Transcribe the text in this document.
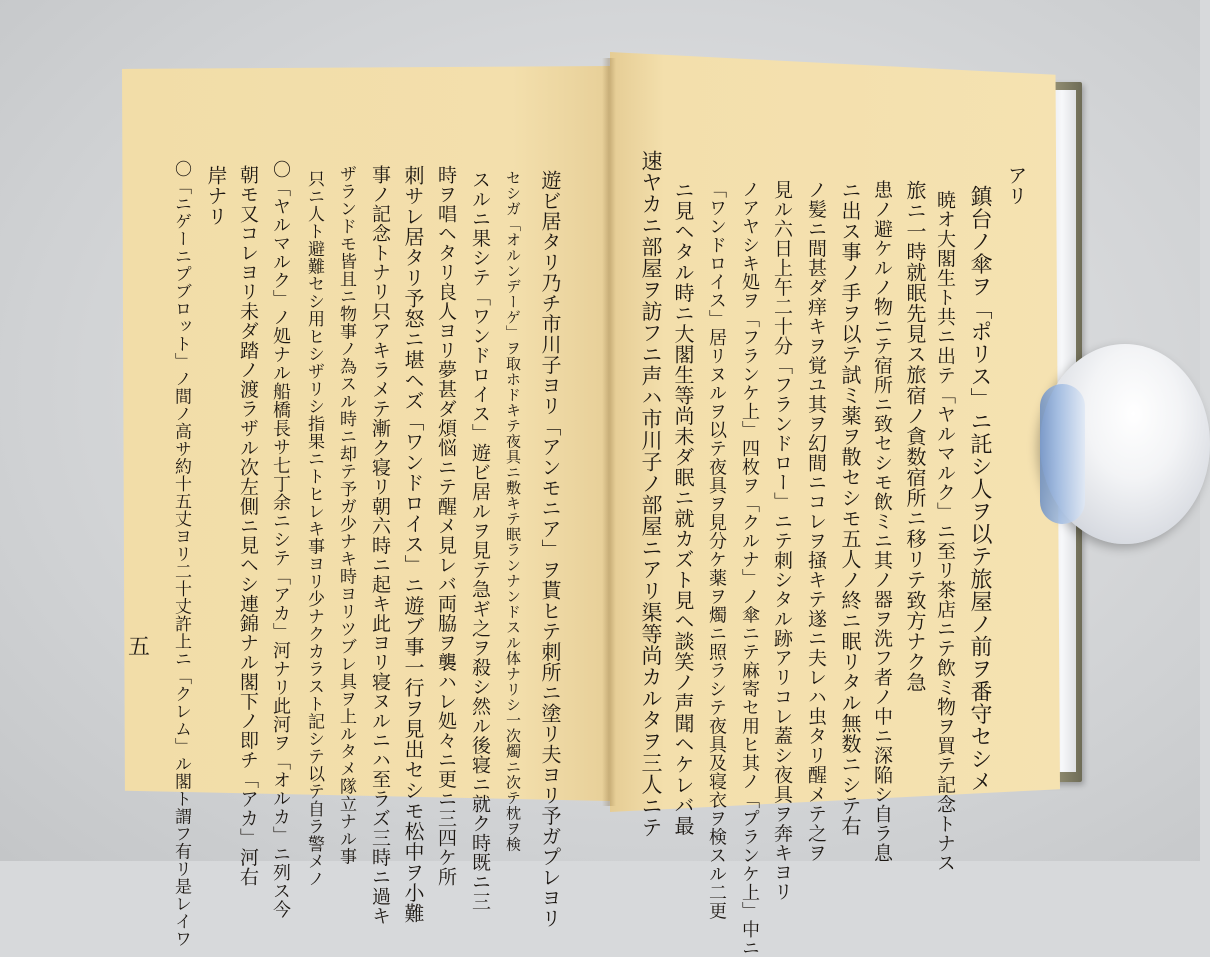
アリ
鎮台ノ傘ヲ「ポリス」ニ託シ人ヲ以テ旅屋ノ前ヲ番守セシメ
暁オ大閣生ト共ニ出テ「ヤルマルク」ニ至リ茶店ニテ飲ミ物ヲ買テ記念トナス
旅ニ一時就眠先見ス旅宿ノ貪数宿所ニ移リテ致方ナク急
患ノ避ケルノ物ニテ宿所ニ致セシモ飲ミニ其ノ器ヲ洗フ者ノ中ニ深陥シ自ラ息
ニ出ス事ノ手ヲ以テ試ミ薬ヲ散セシモ五人ノ終ニ眠リタル無数ニシテ右
ノ髪ニ間甚ダ痒キヲ覚ユ其ヲ幻間ニコレヲ掻キテ遂ニ夫レハ虫タリ醒メテ之ヲ
見ル六日上午二十分「フランドロー」ニテ刺シタル跡アリコレ蓋シ夜具ヲ奔キヨリ
ノアヤシキ処ヲ「フランケ上」四枚ヲ「クルナ」ノ傘ニテ麻寄セ用ヒ其ノ「プランケ上」中ニ
「ワンドロイス」居リヌルヲ以テ夜具ヲ見分ケ薬ヲ燭ニ照ラシテ夜具及寝衣ヲ検スル二更
ニ見ヘタル時ニ大閣生等尚未ダ眠ニ就カズト見ヘ談笑ノ声聞ヘケレバ最
速ヤカニ部屋ヲ訪フニ声ハ市川子ノ部屋ニアリ渠等尚カルタヲ三人ニテ
遊ビ居タリ乃チ市川子ヨリ「アンモニア」ヲ貰ヒテ刺所ニ塗リ夫ヨリ予ガプレヨリ
セシガ「オルンデーゲ」ヲ取ホドキテ夜具ニ敷キテ眠ランナンドスル体ナリシ一次燭ニ次テ枕ヲ検
スルニ果シテ「ワンドロイス」遊ビ居ルヲ見テ急ギ之ヲ殺シ然ル後寝ニ就ク時既ニ三
時ヲ唱ヘタリ良人ヨリ夢甚ダ煩悩ニテ醒メ見レバ両脇ヲ襲ハレ処々ニ更ニ三四ケ所
刺サレ居タリ予怒ニ堪ヘズ「ワンドロイス」ニ遊ブ事一行ヲ見出セシモ松中ヲ小難
事ノ記念トナリ只アキラメテ漸ク寝リ朝六時ニ起キ此ヨリ寝ヌルニハ至ラズ三時ニ過キ
ザランドモ皆且ニ物事ノ為スル時ニ却テ予ガ少ナキ時ヨリツブレ具ヲ上ルタメ隊立ナル事
只ニ人ト避難セシ用ヒシザリシ指果ニトヒレキ事ヨリ少ナクカラスト記シテ以テ自ラ警メノ
〇「ヤルマルク」ノ処ナル船橋長サ七丁余ニシテ「アカ」河ナリ此河ヲ「オルカ」ニ列ス今
朝モ又コレヨリ未ダ踏ノ渡ラザル次左側ニ見ヘシ連錦ナル閣下ノ即チ「アカ」河右
岸ナリ
〇「ニゲーニプブロット」ノ間ノ高サ約十五丈ヨリ二十丈許上ニ「クレム」ル閣ト謂フ有リ是レイワ
五
